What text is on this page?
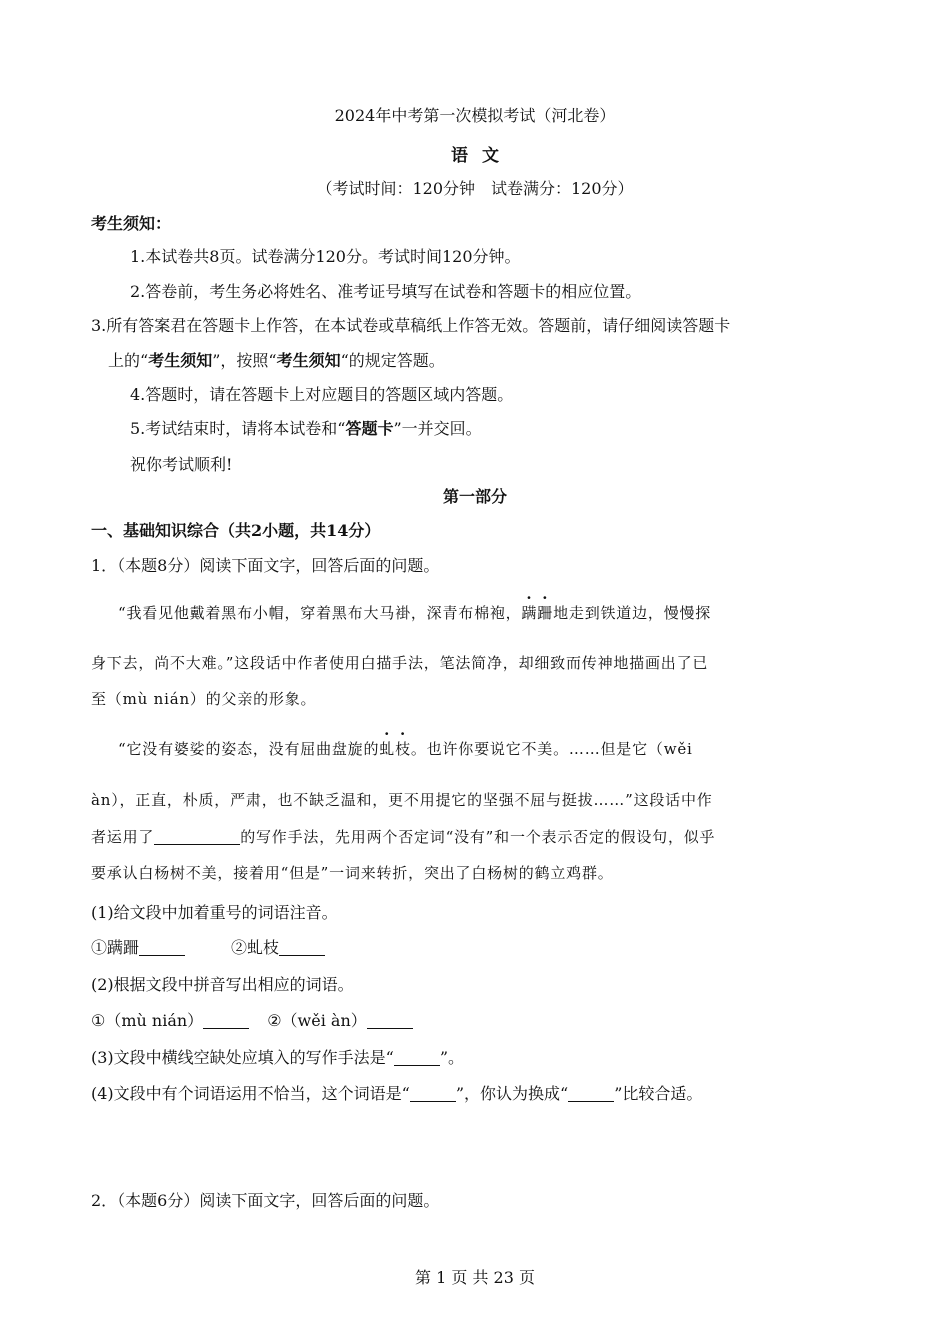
2024年中考第一次模拟考试（河北卷）
语文
（考试时间：120分钟　试卷满分：120分）
考生须知：
1.本试卷共8页。试卷满分120分。考试时间120分钟。
2.答卷前，考生务必将姓名、准考证号填写在试卷和答题卡的相应位置。
3.所有答案君在答题卡上作答，在本试卷或草稿纸上作答无效。答题前，请仔细阅读答题卡
上的“考生须知”，按照“考生须知“的规定答题。
4.答题时，请在答题卡上对应题目的答题区域内答题。
5.考试结束时，请将本试卷和“答题卡”一并交回。
祝你考试顺利!
第一部分
一、基础知识综合（共2小题，共14分）
1．（本题8分）阅读下面文字，回答后面的问题。
“我看见他戴着黑布小帽，穿着黑布大马褂，深青布棉袍，蹒跚地走到铁道边，慢慢探
身下去，尚不大难。”这段话中作者使用白描手法，笔法简净，却细致而传神地描画出了已
至（mù nián）的父亲的形象。
“它没有婆娑的姿态，没有屈曲盘旋的虬枝。也许你要说它不美。……但是它（wěi
àn），正直，朴质，严肃，也不缺乏温和，更不用提它的坚强不屈与挺拔……”这段话中作
者运用了	的写作手法，先用两个否定词“没有”和一个表示否定的假设句，似乎
要承认白杨树不美，接着用“但是”一词来转折，突出了白杨树的鹤立鸡群。
(1)给文段中加着重号的词语注音。
①蹒跚	②虬枝
(2)根据文段中拼音写出相应的词语。
①（mù nián）	②（wěi àn）
(3)文段中横线空缺处应填入的写作手法是“	”。
(4)文段中有个词语运用不恰当，这个词语是“	”，你认为换成“	”比较合适。
2．（本题6分）阅读下面文字，回答后面的问题。
第 1 页 共 23 页
